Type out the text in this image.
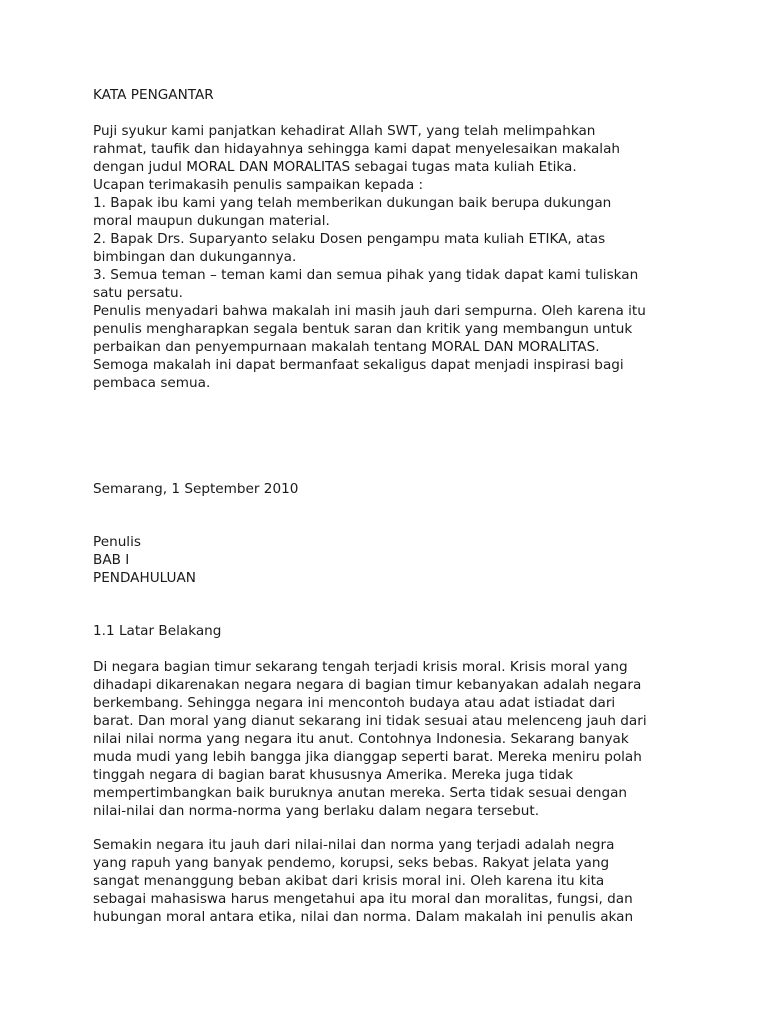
KATA PENGANTAR
Puji syukur kami panjatkan kehadirat Allah SWT, yang telah melimpahkan
rahmat, taufik dan hidayahnya sehingga kami dapat menyelesaikan makalah
dengan judul MORAL DAN MORALITAS sebagai tugas mata kuliah Etika.
Ucapan terimakasih penulis sampaikan kepada :
1. Bapak ibu kami yang telah memberikan dukungan baik berupa dukungan
moral maupun dukungan material.
2. Bapak Drs. Suparyanto selaku Dosen pengampu mata kuliah ETIKA, atas
bimbingan dan dukungannya.
3. Semua teman – teman kami dan semua pihak yang tidak dapat kami tuliskan
satu persatu.
Penulis menyadari bahwa makalah ini masih jauh dari sempurna. Oleh karena itu
penulis mengharapkan segala bentuk saran dan kritik yang membangun untuk
perbaikan dan penyempurnaan makalah tentang MORAL DAN MORALITAS.
Semoga makalah ini dapat bermanfaat sekaligus dapat menjadi inspirasi bagi
pembaca semua.
Semarang, 1 September 2010
Penulis
BAB I
PENDAHULUAN
1.1 Latar Belakang
Di negara bagian timur sekarang tengah terjadi krisis moral. Krisis moral yang
dihadapi dikarenakan negara negara di bagian timur kebanyakan adalah negara
berkembang. Sehingga negara ini mencontoh budaya atau adat istiadat dari
barat. Dan moral yang dianut sekarang ini tidak sesuai atau melenceng jauh dari
nilai nilai norma yang negara itu anut. Contohnya Indonesia. Sekarang banyak
muda mudi yang lebih bangga jika dianggap seperti barat. Mereka meniru polah
tinggah negara di bagian barat khususnya Amerika. Mereka juga tidak
mempertimbangkan baik buruknya anutan mereka. Serta tidak sesuai dengan
nilai-nilai dan norma-norma yang berlaku dalam negara tersebut.
Semakin negara itu jauh dari nilai-nilai dan norma yang terjadi adalah negra
yang rapuh yang banyak pendemo, korupsi, seks bebas. Rakyat jelata yang
sangat menanggung beban akibat dari krisis moral ini. Oleh karena itu kita
sebagai mahasiswa harus mengetahui apa itu moral dan moralitas, fungsi, dan
hubungan moral antara etika, nilai dan norma. Dalam makalah ini penulis akan
